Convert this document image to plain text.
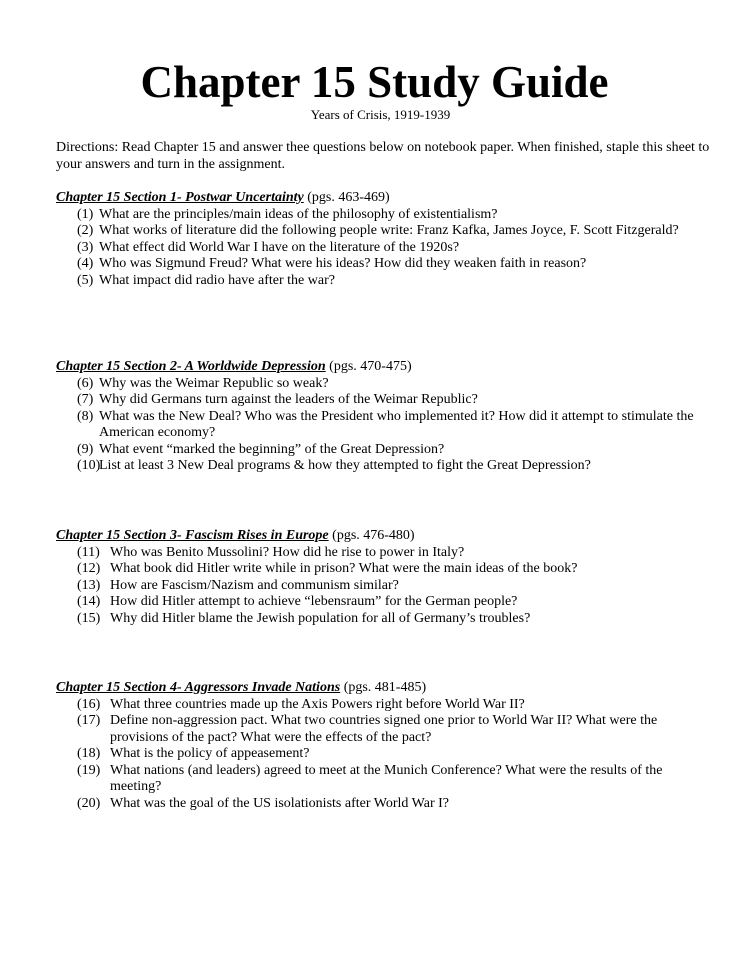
Chapter 15 Study Guide
Years of Crisis, 1919-1939
Directions: Read Chapter 15 and answer thee questions below on notebook paper. When finished, staple this sheet to your answers and turn in the assignment.

Chapter 15 Section 1- Postwar Uncertainty (pgs. 463-469)

(1) What are the principles/main ideas of the philosophy of existentialism?
(2) What works of literature did the following people write: Franz Kafka, James Joyce, F. Scott Fitzgerald?
(3) What effect did World War I have on the literature of the 1920s?
(4) Who was Sigmund Freud? What were his ideas? How did they weaken faith in reason?
(5) What impact did radio have after the war?

Chapter 15 Section 2- A Worldwide Depression (pgs. 470-475)

(6) Why was the Weimar Republic so weak?
(7) Why did Germans turn against the leaders of the Weimar Republic?
(8) What was the New Deal? Who was the President who implemented it? How did it attempt to stimulate the American economy?
(9) What event “marked the beginning” of the Great Depression?
(10)
List at least 3 New Deal programs & how they attempted to fight the Great Depression?

Chapter 15 Section 3- Fascism Rises in Europe (pgs. 476-480)

(11) Who was Benito Mussolini? How did he rise to power in Italy?
(12) What book did Hitler write while in prison? What were the main ideas of the book?
(13) How are Fascism/Nazism and communism similar?
(14) How did Hitler attempt to achieve “lebensraum” for the German people?
(15) Why did Hitler blame the Jewish population for all of Germany’s troubles?

Chapter 15 Section 4- Aggressors Invade Nations (pgs. 481-485)

(16) What three countries made up the Axis Powers right before World War II?
(17) Define non-aggression pact. What two countries signed one prior to World War II? What were the provisions of the pact? What were the effects of the pact?
(18) What is the policy of appeasement?
(19) What nations (and leaders) agreed to meet at the Munich Conference? What were the results of the meeting?
(20) What was the goal of the US isolationists after World War I?
